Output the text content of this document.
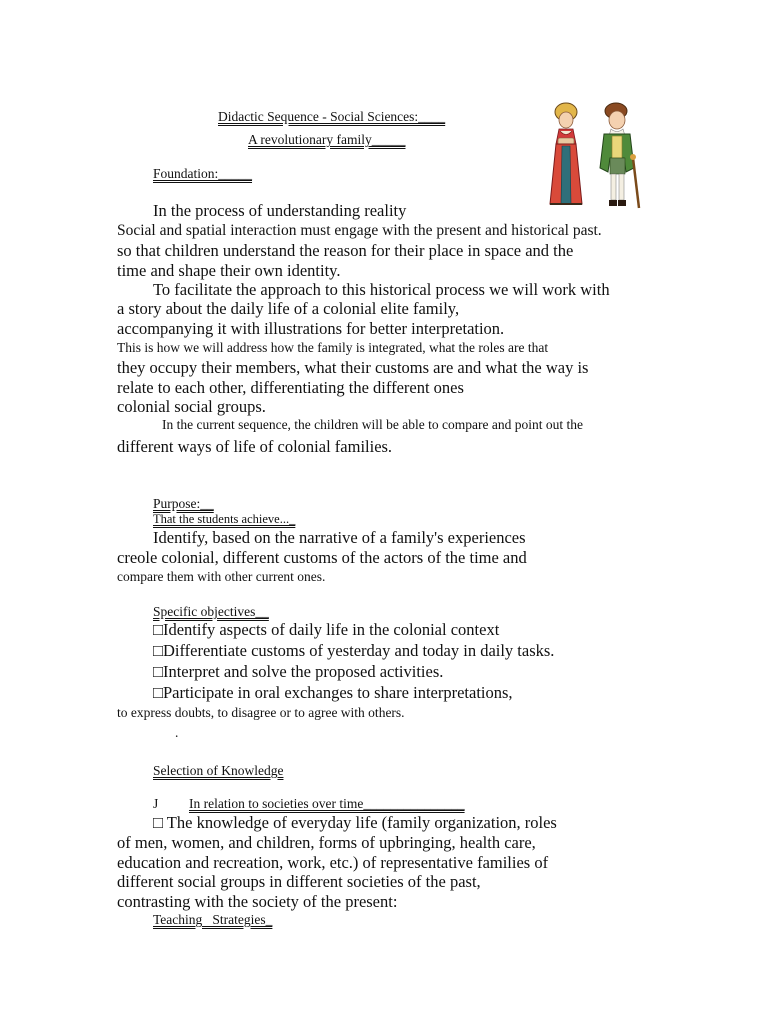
Didactic Sequence - Social Sciences:____
A revolutionary family_____
Foundation:_____
In the process of understanding reality
Social and spatial interaction must engage with the present and historical past.
so that children understand the reason for their place in space and the
time and shape their own identity.
To facilitate the approach to this historical process we will work with
a story about the daily life of a colonial elite family,
accompanying it with illustrations for better interpretation.
This is how we will address how the family is integrated, what the roles are that
they occupy their members, what their customs are and what the way is
relate to each other, differentiating the different ones
colonial social groups.
In the current sequence, the children will be able to compare and point out the
different ways of life of colonial families.
Purpose:__
That the students achieve..._
Identify, based on the narrative of a family's experiences
creole colonial, different customs of the actors of the time and
compare them with other current ones.
Specific objectives__
□Identify aspects of daily life in the colonial context
□Differentiate customs of yesterday and today in daily tasks.
□Interpret and solve the proposed activities.
□Participate in oral exchanges to share interpretations,
to express doubts, to disagree or to agree with others.
.
Selection of Knowledge
J In relation to societies over time_______________
□ The knowledge of everyday life (family organization, roles
of men, women, and children, forms of upbringing, health care,
education and recreation, work, etc.) of representative families of
different social groups in different societies of the past,
contrasting with the society of the present:
Teaching   Strategies_
